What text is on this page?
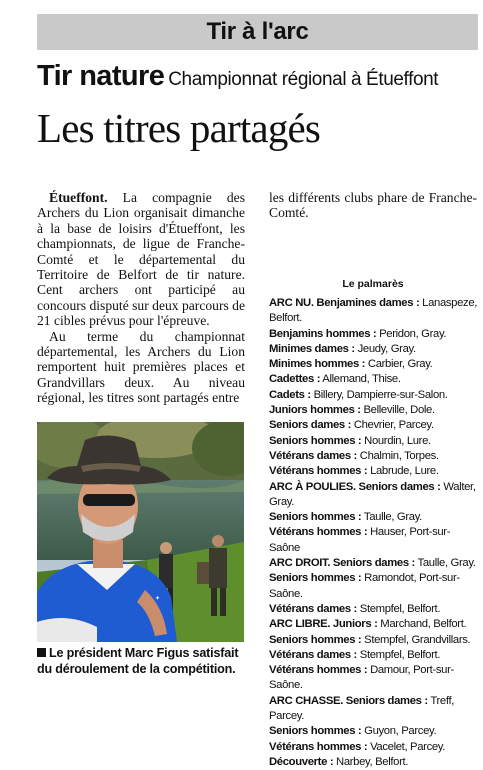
Tir à l'arc
Tir nature Championnat régional à Étueffont
Les titres partagés

Étueffont. La compagnie des Archers du Lion organisait dimanche à la base de loisirs d'Étueffont, les championnats, de ligue de Franche-Comté et le départemental du Territoire de Belfort de tir nature. Cent archers ont participé au concours disputé sur deux parcours de 21 cibles prévus pour l'épreuve.

Au terme du championnat départemental, les Archers du Lion remportent huit premières places et Grandvillars deux. Au niveau régional, les titres sont partagés entre

✦
Le président Marc Figus satisfait du déroulement de la compétition.

les différents clubs phare de Franche-Comté.

Le palmarès
ARC NU. Benjamines dames : Lanaspeze, Belfort.
Benjamins hommes : Peridon, Gray.
Minimes dames : Jeudy, Gray.
Minimes hommes : Carbier, Gray.
Cadettes : Allemand, Thise.
Cadets : Billery, Dampierre-sur-Salon.
Juniors hommes : Belleville, Dole.
Seniors dames : Chevrier, Parcey.
Seniors hommes : Nourdin, Lure.
Vétérans dames : Chalmin, Torpes.
Vétérans hommes : Labrude, Lure.
ARC À POULIES. Seniors dames : Walter, Gray.
Seniors hommes : Taulle, Gray.
Vétérans hommes : Hauser, Port-sur-Saône
ARC DROIT. Seniors dames : Taulle, Gray.
Seniors hommes : Ramondot, Port-sur-Saône.
Vétérans dames : Stempfel, Belfort.
ARC LIBRE. Juniors : Marchand, Belfort.
Seniors hommes : Stempfel, Grandvillars.
Vétérans dames : Stempfel, Belfort.
Vétérans hommes : Damour, Port-sur-Saône.
ARC CHASSE. Seniors dames : Treff, Parcey.
Seniors hommes : Guyon, Parcey.
Vétérans hommes : Vacelet, Parcey.
Découverte : Narbey, Belfort.
